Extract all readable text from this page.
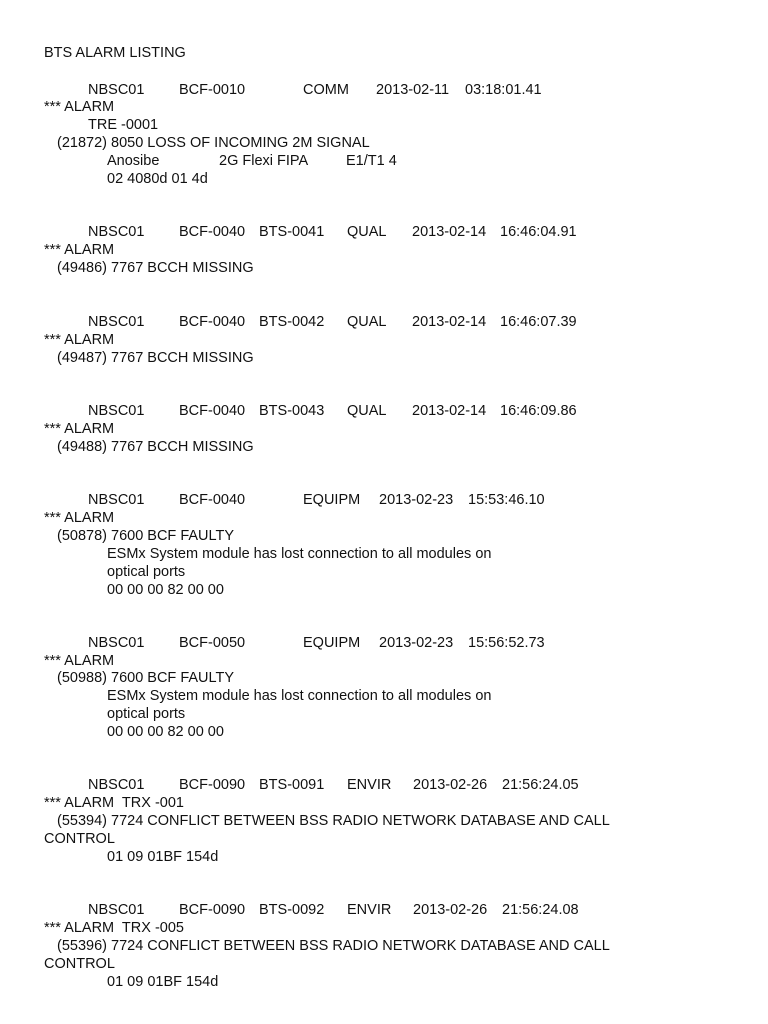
BTS ALARM LISTING
NBSC01 BCF-0010	COMM 2013-02-11 03:18:01.41
*** ALARM
TRE -0001
(21872) 8050 LOSS OF INCOMING 2M SIGNAL
Anosibe	2G Flexi FIPA	E1/T1 4
02 4080d 01 4d
NBSC01 BCF-0040 BTS-0041 QUAL 2013-02-14 16:46:04.91
*** ALARM
(49486) 7767 BCCH MISSING
NBSC01 BCF-0040 BTS-0042 QUAL 2013-02-14 16:46:07.39
*** ALARM
(49487) 7767 BCCH MISSING
NBSC01 BCF-0040 BTS-0043 QUAL 2013-02-14 16:46:09.86
*** ALARM
(49488) 7767 BCCH MISSING
NBSC01 BCF-0040	EQUIPM 2013-02-23 15:53:46.10
*** ALARM
(50878) 7600 BCF FAULTY
ESMx System module has lost connection to all modules on
optical ports
00 00 00 82 00 00
NBSC01 BCF-0050	EQUIPM 2013-02-23 15:56:52.73
*** ALARM
(50988) 7600 BCF FAULTY
ESMx System module has lost connection to all modules on
optical ports
00 00 00 82 00 00
NBSC01 BCF-0090 BTS-0091 ENVIR 2013-02-26 21:56:24.05
*** ALARM  TRX -001
(55394) 7724 CONFLICT BETWEEN BSS RADIO NETWORK DATABASE AND CALL
CONTROL
01 09 01BF 154d
NBSC01 BCF-0090 BTS-0092 ENVIR 2013-02-26 21:56:24.08
*** ALARM  TRX -005
(55396) 7724 CONFLICT BETWEEN BSS RADIO NETWORK DATABASE AND CALL
CONTROL
01 09 01BF 154d
